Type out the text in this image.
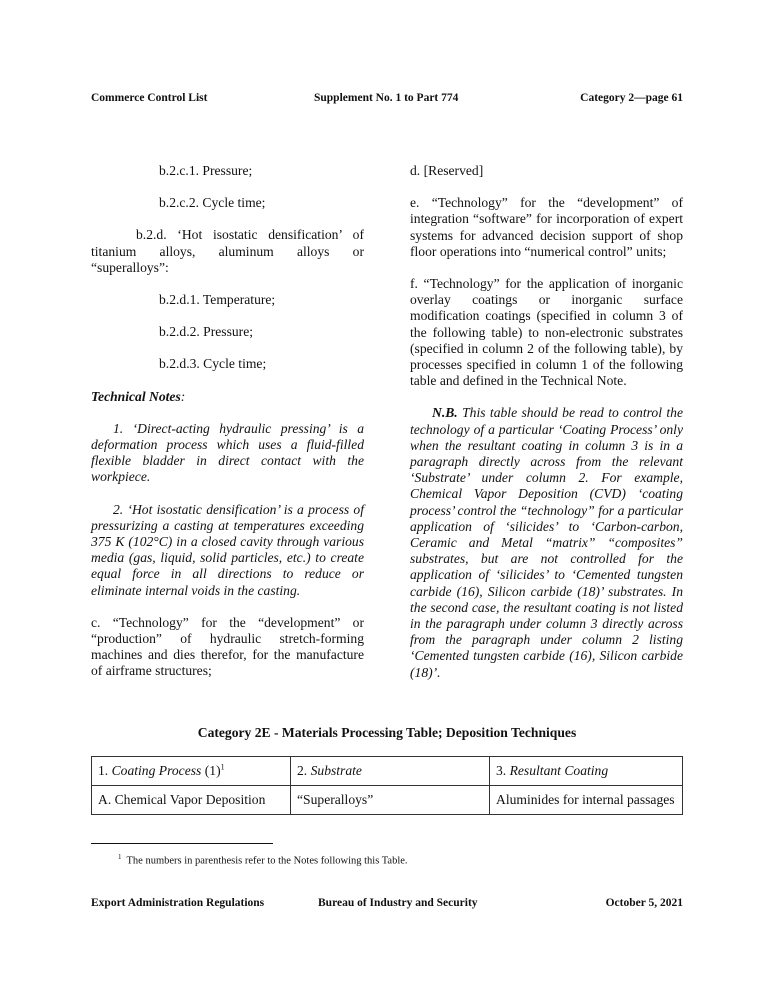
Commerce Control List	Supplement No. 1 to Part 774	Category 2—page 61

b.2.c.1. Pressure;

b.2.c.2. Cycle time;

b.2.d. ‘Hot isostatic densification’ of titanium alloys, aluminum alloys or “superalloys”:

b.2.d.1. Temperature;

b.2.d.2. Pressure;

b.2.d.3. Cycle time;

Technical Notes:

1. ‘Direct-acting hydraulic pressing’ is a deformation process which uses a fluid-filled flexible bladder in direct contact with the workpiece.

2. ‘Hot isostatic densification’ is a process of pressurizing a casting at temperatures exceeding 375 K (102°C) in a closed cavity through various media (gas, liquid, solid particles, etc.) to create equal force in all directions to reduce or eliminate internal voids in the casting.

c. “Technology” for the “development” or “production” of hydraulic stretch-forming machines and dies therefor, for the manufacture of airframe structures;

d. [Reserved]

e. “Technology” for the “development” of integration “software” for incorporation of expert systems for advanced decision support of shop floor operations into “numerical control” units;

f. “Technology” for the application of inorganic overlay coatings or inorganic surface modification coatings (specified in column 3 of the following table) to non-electronic substrates (specified in column 2 of the following table), by processes specified in column 1 of the following table and defined in the Technical Note.

N.B. This table should be read to control the technology of a particular ‘Coating Process’ only when the resultant coating in column 3 is in a paragraph directly across from the relevant ‘Substrate’ under column 2. For example, Chemical Vapor Deposition (CVD) ‘coating process’ control the “technology” for a particular application of ‘silicides’ to ‘Carbon-carbon, Ceramic and Metal “matrix” “composites” substrates, but are not controlled for the application of ‘silicides’ to ‘Cemented tungsten carbide (16), Silicon carbide (18)’ substrates. In the second case, the resultant coating is not listed in the paragraph under column 3 directly across from the paragraph under column 2 listing ‘Cemented tungsten carbide (16), Silicon carbide (18)’.

Category 2E - Materials Processing Table; Deposition Techniques
1. Coating Process (1)$^1$	2. Substrate	3. Resultant Coating
A. Chemical Vapor Deposition	“Superalloys”	Aluminides for internal passages
$^1$ The numbers in parenthesis refer to the Notes following this Table.
Export Administration Regulations	Bureau of Industry and Security	October 5, 2021
